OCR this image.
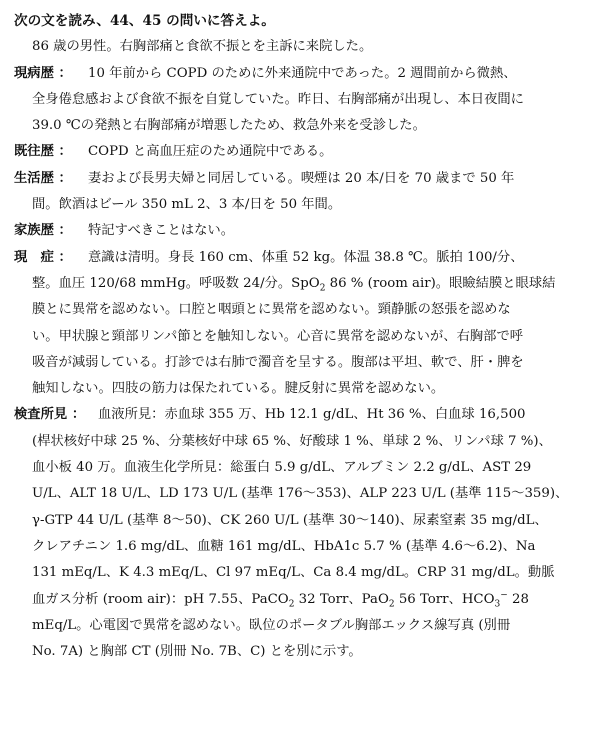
次の文を読み、44、45 の問いに答えよ。
86 歳の男性。右胸部痛と食欲不振とを主訴に来院した。
現病歴 ： 10 年前から COPD のために外来通院中であった。2 週間前から微熱、
全身倦怠感および食欲不振を自覚していた。昨日、右胸部痛が出現し、本日夜間に
39.0 ℃の発熱と右胸部痛が増悪したため、救急外来を受診した。
既往歴 ： COPD と高血圧症のため通院中である。
生活歴 ： 妻および長男夫婦と同居している。喫煙は 20 本/日を 70 歳まで 50 年
間。飲酒はビール 350 mL 2、3 本/日を 50 年間。
家族歴 ： 特記すべきことはない。
現　症 ： 意識は清明。身長 160 cm、体重 52 kg。体温 38.8 ℃。脈拍 100/分、
整。血圧 120/68 mmHg。呼吸数 24/分。SpO$_2$ 86 % (room air)。眼瞼結膜と眼球結
膜とに異常を認めない。口腔と咽頭とに異常を認めない。頸静脈の怒張を認めな
い。甲状腺と頸部リンパ節とを触知しない。心音に異常を認めないが、右胸部で呼
吸音が減弱している。打診では右肺で濁音を呈する。腹部は平坦、軟で、肝・脾を
触知しない。四肢の筋力は保たれている。腱反射に異常を認めない。
検査所見 ： 血液所見：赤血球 355 万、Hb 12.1 g/dL、Ht 36 %、白血球 16,500
(桿状核好中球 25 %、分葉核好中球 65 %、好酸球 1 %、単球 2 %、リンパ球 7 %)、
血小板 40 万。血液生化学所見：総蛋白 5.9 g/dL、アルブミン 2.2 g/dL、AST 29
U/L、ALT 18 U/L、LD 173 U/L (基準 176〜353)、ALP 223 U/L (基準 115〜359)、
γ-GTP 44 U/L (基準 8〜50)、CK 260 U/L (基準 30〜140)、尿素窒素 35 mg/dL、
クレアチニン 1.6 mg/dL、血糖 161 mg/dL、HbA1c 5.7 % (基準 4.6〜6.2)、Na
131 mEq/L、K 4.3 mEq/L、Cl 97 mEq/L、Ca 8.4 mg/dL。CRP 31 mg/dL。動脈
血ガス分析 (room air)：pH 7.55、PaCO$_2$ 32 Torr、PaO$_2$ 56 Torr、$HCO_3^-$ 28
mEq/L。心電図で異常を認めない。臥位のポータブル胸部エックス線写真 (別冊
No. 7A) と胸部 CT (別冊 No. 7B、C) とを別に示す。
